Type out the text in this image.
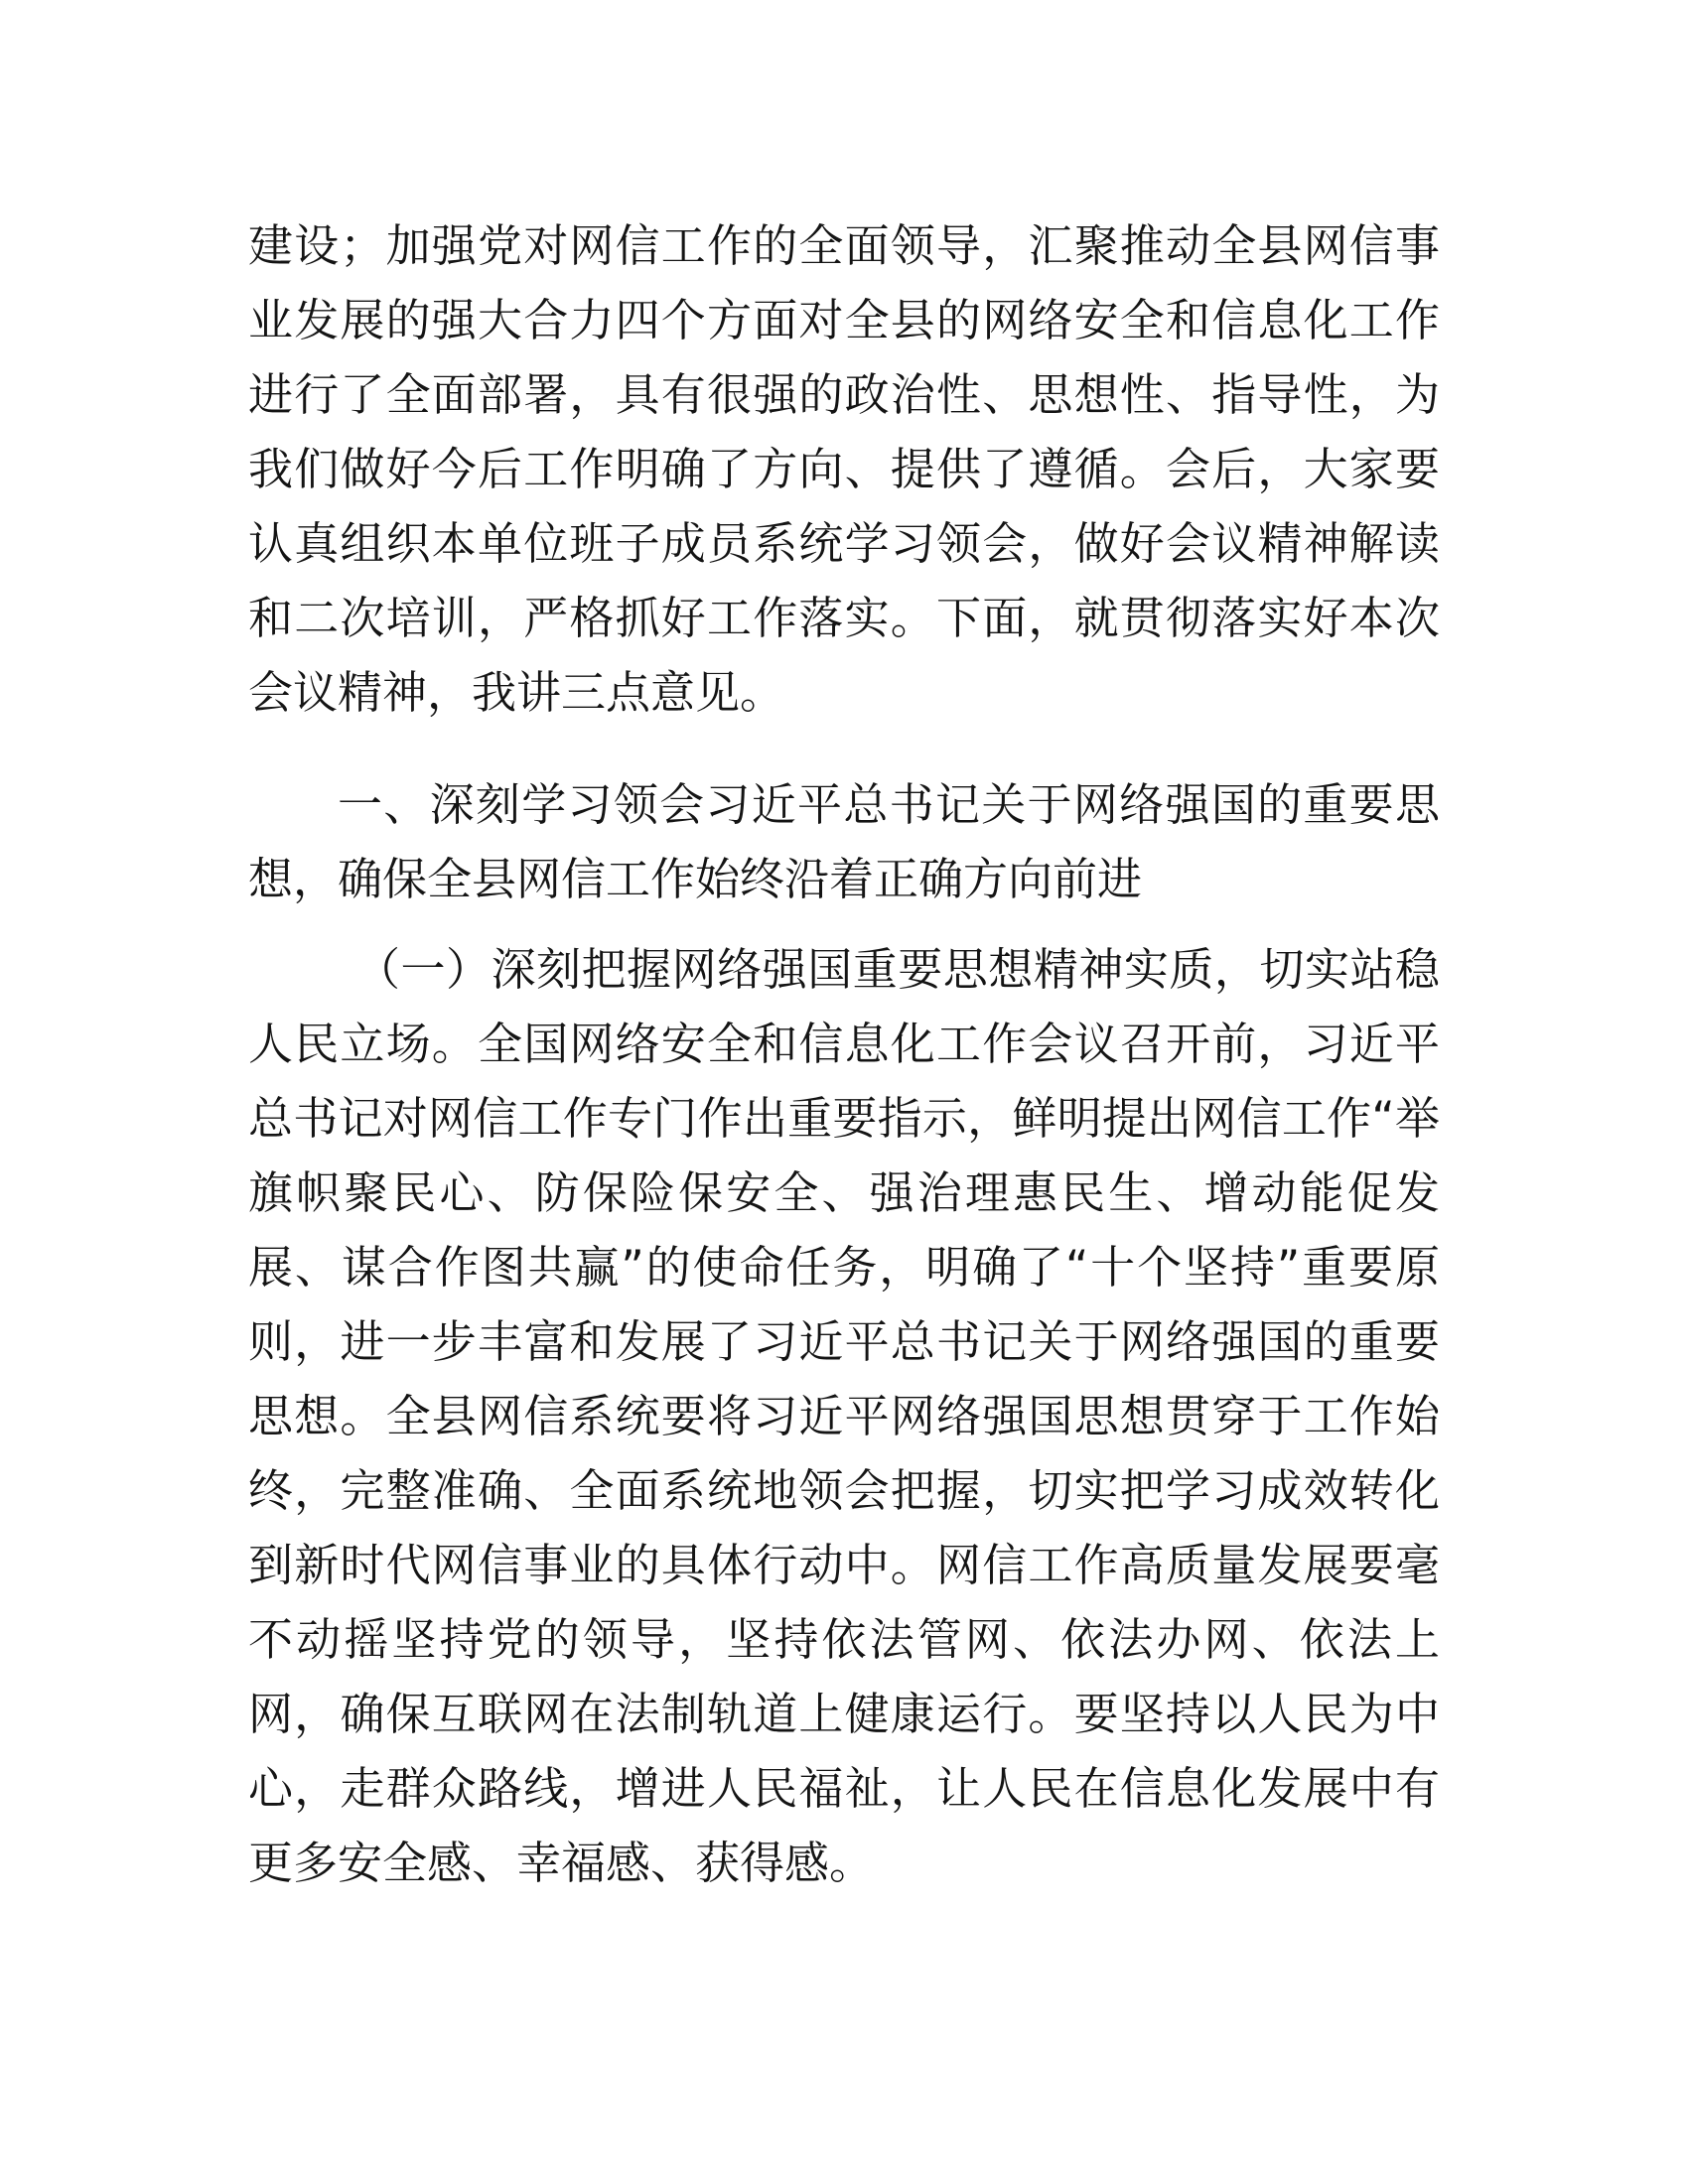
建设；加强党对网信工作的全面领导，汇聚推动全县网信事业发展的强大合力四个方面对全县的网络安全和信息化工作进行了全面部署，具有很强的政治性、思想性、指导性，为我们做好今后工作明确了方向、提供了遵循。会后，大家要认真组织本单位班子成员系统学习领会，做好会议精神解读和二次培训，严格抓好工作落实。下面，就贯彻落实好本次会议精神，我讲三点意见。

一、深刻学习领会习近平总书记关于网络强国的重要思想，确保全县网信工作始终沿着正确方向前进

（一）深刻把握网络强国重要思想精神实质，切实站稳人民立场。全国网络安全和信息化工作会议召开前，习近平总书记对网信工作专门作出重要指示，鲜明提出网信工作“举旗帜聚民心、防保险保安全、强治理惠民生、增动能促发展、谋合作图共赢”的使命任务，明确了“十个坚持”重要原则，进一步丰富和发展了习近平总书记关于网络强国的重要思想。全县网信系统要将习近平网络强国思想贯穿于工作始终，完整准确、全面系统地领会把握，切实把学习成效转化到新时代网信事业的具体行动中。网信工作高质量发展要毫不动摇坚持党的领导，坚持依法管网、依法办网、依法上网，确保互联网在法制轨道上健康运行。要坚持以人民为中心，走群众路线，增进人民福祉，让人民在信息化发展中有更多安全感、幸福感、获得感。
